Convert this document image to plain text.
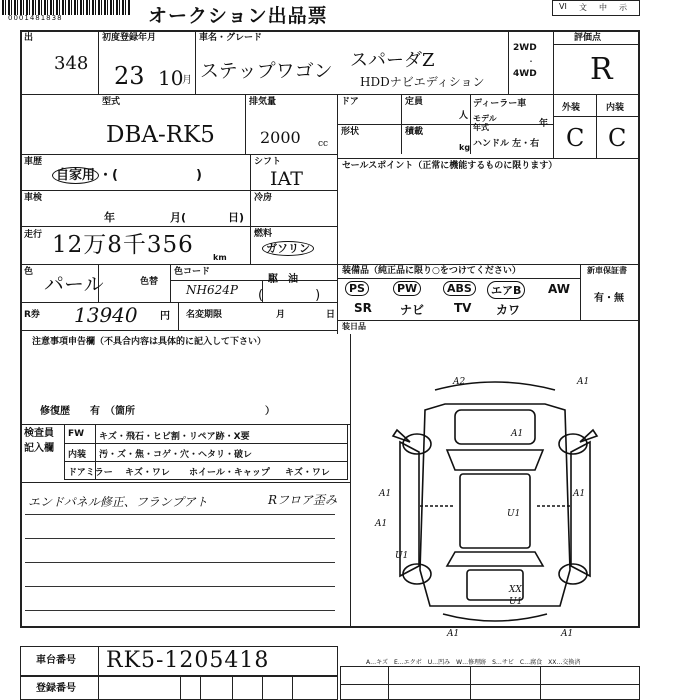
0001481838	オークション出品票	VI 文 中 示
出
348
初度登録年月
23 10
月
車名・グレード
ステップワゴン スパーダZ
HDDナビエディション
2WD
・
4WD
評価点
R
型式
DBA-RK5
排気量
2000 cc
ドア	定員
人
ディーラー車
モデル年式	年
形状	積載
kg ハンドル 左・右
外装	内装
C C
車歴
自家用 ・(　　　　　　)
シフト
IAT
セールスポイント（正常に機能するものに限ります）
車検
年	月(	日)
冷房
走行 12万8千356 km
燃料
ガソリン
装備品（純正品に限り○をつけてください）	新車保証書
有・無
PS	PW	ABS	エアB	AW
SR ナビ TV カワ
装日品
色 パール	色替
色コード
NH624P
駆　油
(　　　　)
R券 13940 円 名変期限	月	日
注意事項申告欄（不具合内容は具体的に記入して下さい）
修復歴　　有　（箇所　　　　　　　　　　　　　）
検査員
記入欄
FW	キズ・飛石・ヒビ割・リペア跡・X要
内装 汚・ズ・焦・コゲ・穴・ヘタリ・破レ
ドアミラー キズ・ワレ ホイール・キャップ キズ・ワレ
エンドパネル修正、フランプアト	Rフロア歪み
A2	A1
A1
U1
A1
A1
A1
U1
XX
U1
A1	A1
車台番号 RK5-1205418
登録番号
A…キズ　E…エクボ　U…凹み　W…修理跡　S…サビ　C…腐食　XX…交換済
